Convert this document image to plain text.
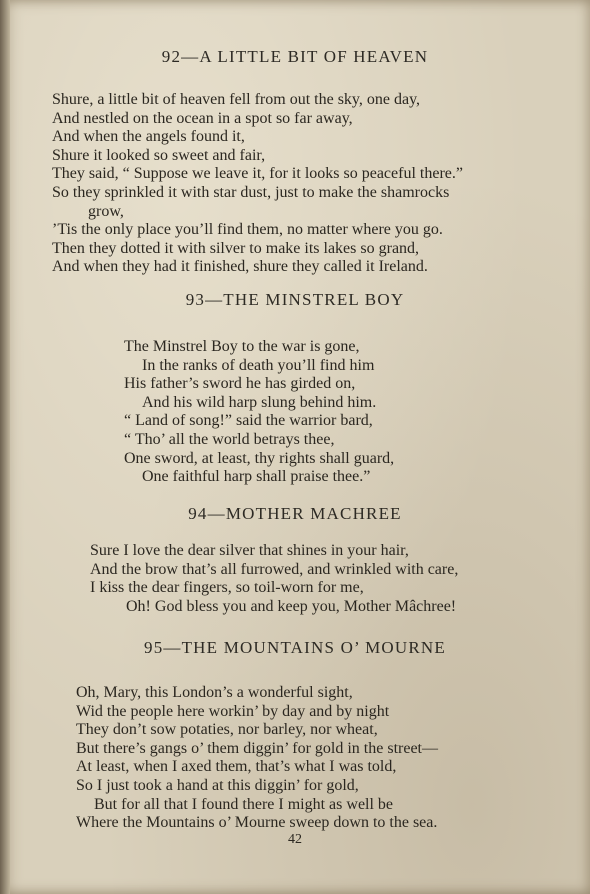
92—A LITTLE BIT OF HEAVEN
Shure, a little bit of heaven fell from out the sky, one day,
And nestled on the ocean in a spot so far away,
And when the angels found it,
Shure it looked so sweet and fair,
They said, “ Suppose we leave it, for it looks so peaceful there.”
So they sprinkled it with star dust, just to make the shamrocks
grow,
’Tis the only place you’ll find them, no matter where you go.
Then they dotted it with silver to make its lakes so grand,
And when they had it finished, shure they called it Ireland.
93—THE MINSTREL BOY
The Minstrel Boy to the war is gone,
In the ranks of death you’ll find him
His father’s sword he has girded on,
And his wild harp slung behind him.
“ Land of song!” said the warrior bard,
“ Tho’ all the world betrays thee,
One sword, at least, thy rights shall guard,
One faithful harp shall praise thee.”
94—MOTHER MACHREE
Sure I love the dear silver that shines in your hair,
And the brow that’s all furrowed, and wrinkled with care,
I kiss the dear fingers, so toil-worn for me,
Oh! God bless you and keep you, Mother Mâchree!
95—THE MOUNTAINS O’ MOURNE
Oh, Mary, this London’s a wonderful sight,
Wid the people here workin’ by day and by night
They don’t sow potaties, nor barley, nor wheat,
But there’s gangs o’ them diggin’ for gold in the street—
At least, when I axed them, that’s what I was told,
So I just took a hand at this diggin’ for gold,
But for all that I found there I might as well be
Where the Mountains o’ Mourne sweep down to the sea.
42
